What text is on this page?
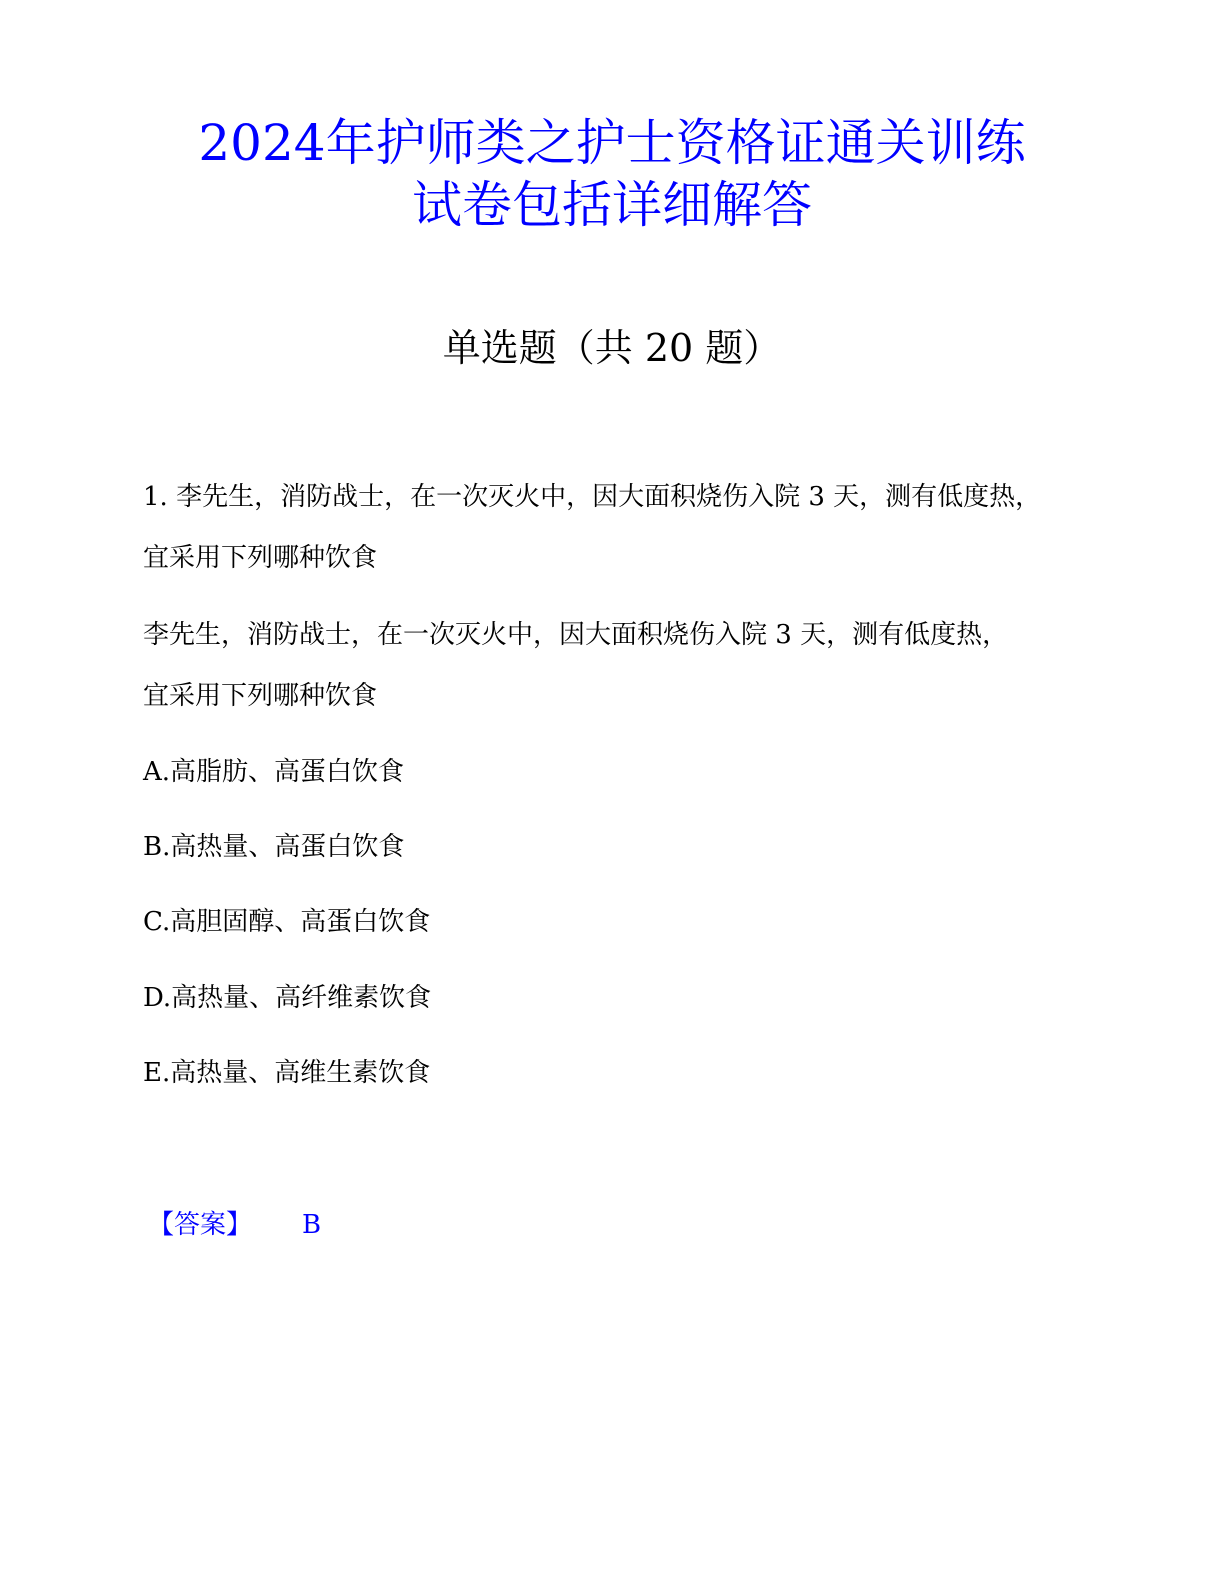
2024年护师类之护士资格证通关训练
试卷包括详细解答
单选题（共 20 题）
1. 李先生，消防战士，在一次灭火中，因大面积烧伤入院 3 天，测有低度热，
宜采用下列哪种饮食
李先生，消防战士，在一次灭火中，因大面积烧伤入院 3 天，测有低度热，
宜采用下列哪种饮食
A.高脂肪、高蛋白饮食
B.高热量、高蛋白饮食
C.高胆固醇、高蛋白饮食
D.高热量、高纤维素饮食
E.高热量、高维生素饮食
【答案】 B
